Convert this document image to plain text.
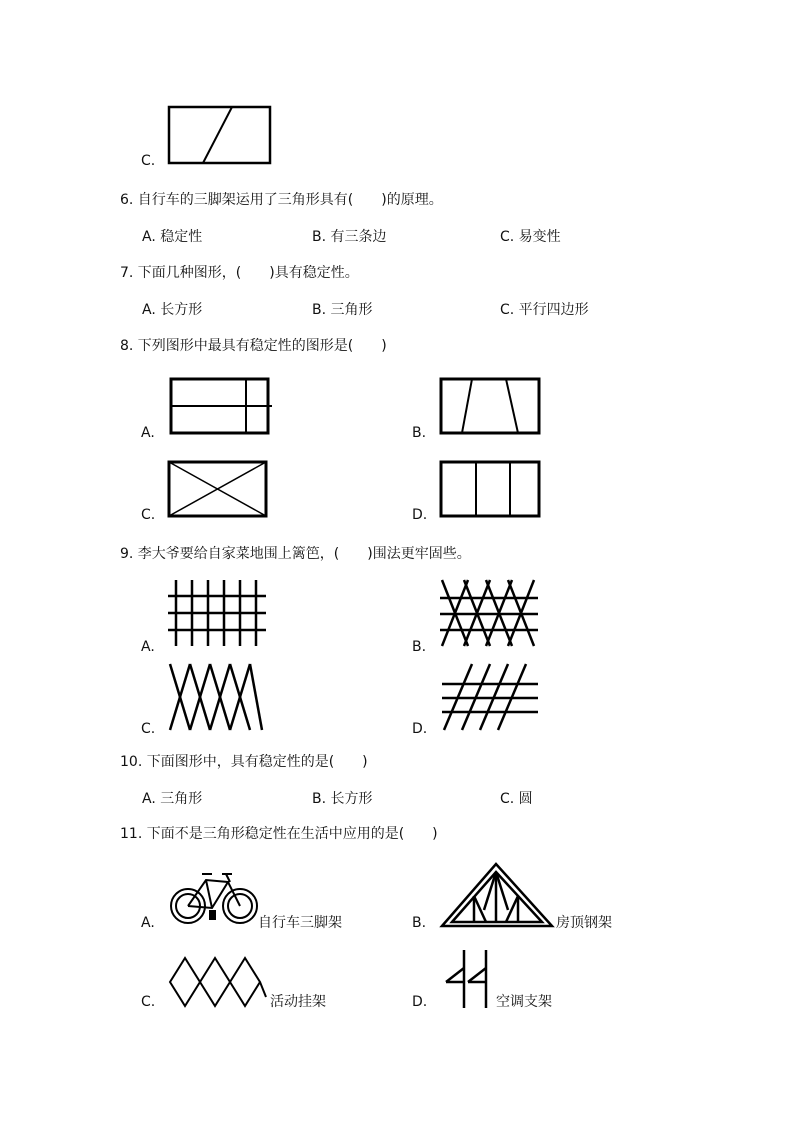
C.
6. 自行车的三脚架运用了三角形具有(　　)的原理。
A. 稳定性	B. 有三条边	C. 易变性
7. 下面几种图形，(　　)具有稳定性。
A. 长方形	B. 三角形	C. 平行四边形
8. 下列图形中最具有稳定性的图形是(　　)
A.	B.
C.	D.
9. 李大爷要给自家菜地围上篱笆，(　　)围法更牢固些。
A.	B.
C.	D.
10. 下面图形中，具有稳定性的是(　　)
A. 三角形	B. 长方形	C. 圆
11. 下面不是三角形稳定性在生活中应用的是(　　)
A.	自行车三脚架	B.	房顶钢架
C.	活动挂架	D.	空调支架
